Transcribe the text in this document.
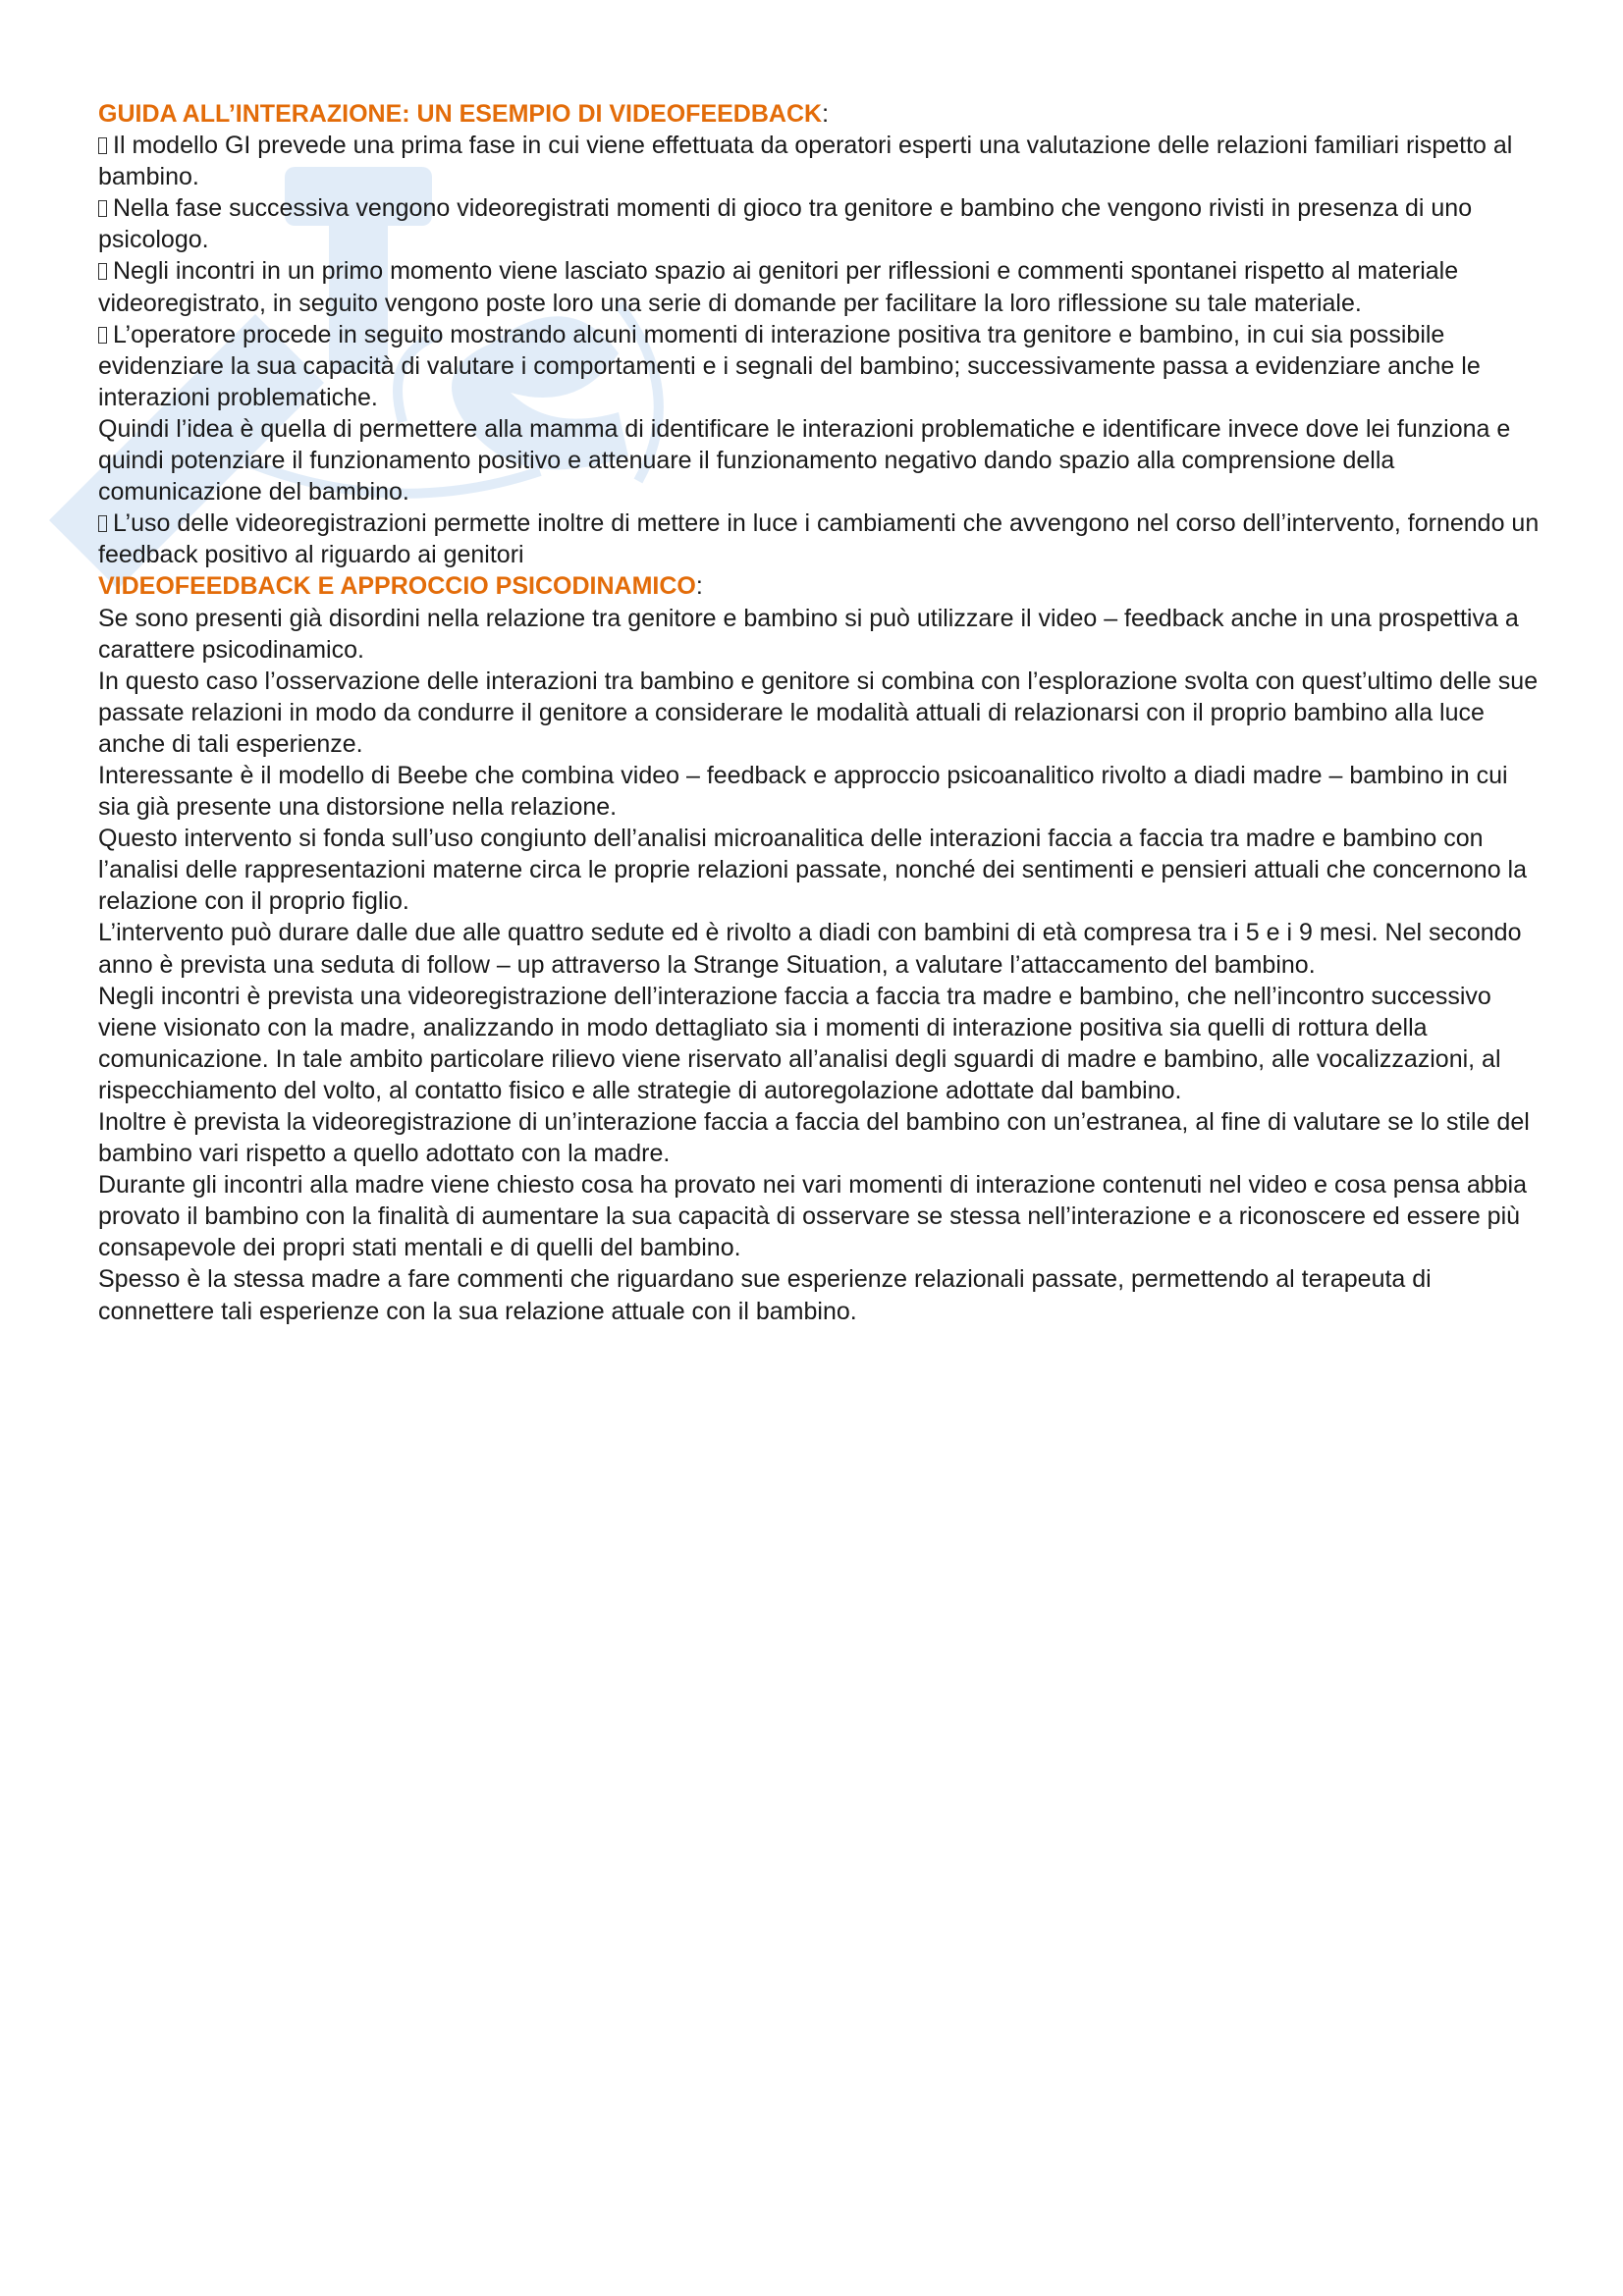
GUIDA ALL’INTERAZIONE: UN ESEMPIO DI VIDEOFEEDBACK:

Il modello GI prevede una prima fase in cui viene effettuata da operatori esperti una valutazione delle relazioni familiari rispetto al bambino.

Nella fase successiva vengono videoregistrati momenti di gioco tra genitore e bambino che vengono rivisti in presenza di uno psicologo.

Negli incontri in un primo momento viene lasciato spazio ai genitori per riflessioni e commenti spontanei rispetto al materiale videoregistrato, in seguito vengono poste loro una serie di domande per facilitare la loro riflessione su tale materiale.

L’operatore procede in seguito mostrando alcuni momenti di interazione positiva tra genitore e bambino, in cui sia possibile evidenziare la sua capacità di valutare i comportamenti e i segnali del bambino; successivamente passa a evidenziare anche le interazioni problematiche.

Quindi l’idea è quella di permettere alla mamma di identificare le interazioni problematiche e identificare invece dove lei funziona e quindi potenziare il funzionamento positivo e attenuare il funzionamento negativo dando spazio alla comprensione della comunicazione del bambino.

L’uso delle videoregistrazioni permette inoltre di mettere in luce i cambiamenti che avvengono nel corso dell’intervento, fornendo un feedback positivo al riguardo ai genitori

VIDEOFEEDBACK E APPROCCIO PSICODINAMICO:

Se sono presenti già disordini nella relazione tra genitore e bambino si può utilizzare il video – feedback anche in una prospettiva a carattere psicodinamico.

In questo caso l’osservazione delle interazioni tra bambino e genitore si combina con l’esplorazione svolta con quest’ultimo delle sue passate relazioni in modo da condurre il genitore a considerare le modalità attuali di relazionarsi con il proprio bambino alla luce anche di tali esperienze.

Interessante è il modello di Beebe che combina video – feedback e approccio psicoanalitico rivolto a diadi madre – bambino in cui sia già presente una distorsione nella relazione.

Questo intervento si fonda sull’uso congiunto dell’analisi microanalitica delle interazioni faccia a faccia tra madre e bambino con l’analisi delle rappresentazioni materne circa le proprie relazioni passate, nonché dei sentimenti e pensieri attuali che concernono la relazione con il proprio figlio.

L’intervento può durare dalle due alle quattro sedute ed è rivolto a diadi con bambini di età compresa tra i 5 e i 9 mesi. Nel secondo anno è prevista una seduta di follow – up attraverso la Strange Situation, a valutare l’attaccamento del bambino.

Negli incontri è prevista una videoregistrazione dell’interazione faccia a faccia tra madre e bambino, che nell’incontro successivo viene visionato con la madre, analizzando in modo dettagliato sia i momenti di interazione positiva sia quelli di rottura della comunicazione. In tale ambito particolare rilievo viene riservato all’analisi degli sguardi di madre e bambino, alle vocalizzazioni, al rispecchiamento del volto, al contatto fisico e alle strategie di autoregolazione adottate dal bambino.

Inoltre è prevista la videoregistrazione di un’interazione faccia a faccia del bambino con un’estranea, al fine di valutare se lo stile del bambino vari rispetto a quello adottato con la madre.

Durante gli incontri alla madre viene chiesto cosa ha provato nei vari momenti di interazione contenuti nel video e cosa pensa abbia provato il bambino con la finalità di aumentare la sua capacità di osservare se stessa nell’interazione e a riconoscere ed essere più consapevole dei propri stati mentali e di quelli del bambino.

Spesso è la stessa madre a fare commenti che riguardano sue esperienze relazionali passate, permettendo al terapeuta di connettere tali esperienze con la sua relazione attuale con il bambino.
